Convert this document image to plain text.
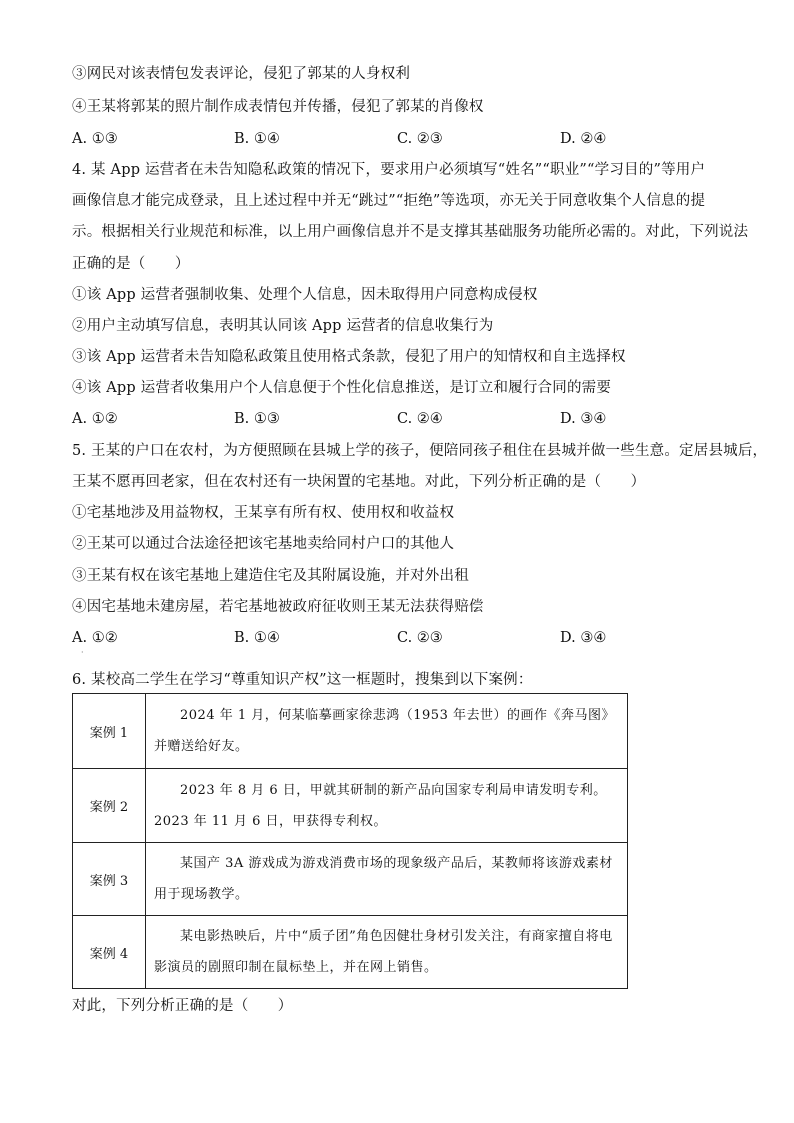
③网民对该表情包发表评论，侵犯了郭某的人身权利
④王某将郭某的照片制作成表情包并传播，侵犯了郭某的肖像权
A. ①③	B. ①④	C. ②③	D. ②④
4. 某 App 运营者在未告知隐私政策的情况下，要求用户必须填写“姓名”“职业”“学习目的”等用户
画像信息才能完成登录，且上述过程中并无“跳过”“拒绝”等选项，亦无关于同意收集个人信息的提
示。根据相关行业规范和标准，以上用户画像信息并不是支撑其基础服务功能所必需的。对此，下列说法
正确的是（　　）
①该 App 运营者强制收集、处理个人信息，因未取得用户同意构成侵权
②用户主动填写信息，表明其认同该 App 运营者的信息收集行为
③该 App 运营者未告知隐私政策且使用格式条款，侵犯了用户的知情权和自主选择权
④该 App 运营者收集用户个人信息便于个性化信息推送，是订立和履行合同的需要
A. ①②	B. ①③	C. ②④	D. ③④
5. 王某的户口在农村，为方便照顾在县城上学的孩子，便陪同孩子租住在县城并做一些生意。定居县城后，
王某不愿再回老家，但在农村还有一块闲置的宅基地。对此，下列分析正确的是（　　）
①宅基地涉及用益物权，王某享有所有权、使用权和收益权
②王某可以通过合法途径把该宅基地卖给同村户口的其他人
③王某有权在该宅基地上建造住宅及其附属设施，并对外出租
④因宅基地未建房屋，若宅基地被政府征收则王某无法获得赔偿
A. ①②	B. ①④	C. ②③	D. ③④
·
6. 某校高二学生在学习“尊重知识产权”这一框题时，搜集到以下案例：
案例 1	2024 年 1 月，何某临摹画家徐悲鸿（1953 年去世）的画作《奔马图》并赠送给好友。
案例 2	2023 年 8 月 6 日，甲就其研制的新产品向国家专利局申请发明专利。2023 年 11 月 6 日，甲获得专利权。
案例 3	某国产 3A 游戏成为游戏消费市场的现象级产品后，某教师将该游戏素材用于现场教学。
案例 4	某电影热映后，片中“质子团”角色因健壮身材引发关注，有商家擅自将电影演员的剧照印制在鼠标垫上，并在网上销售。
对此，下列分析正确的是（　　）
